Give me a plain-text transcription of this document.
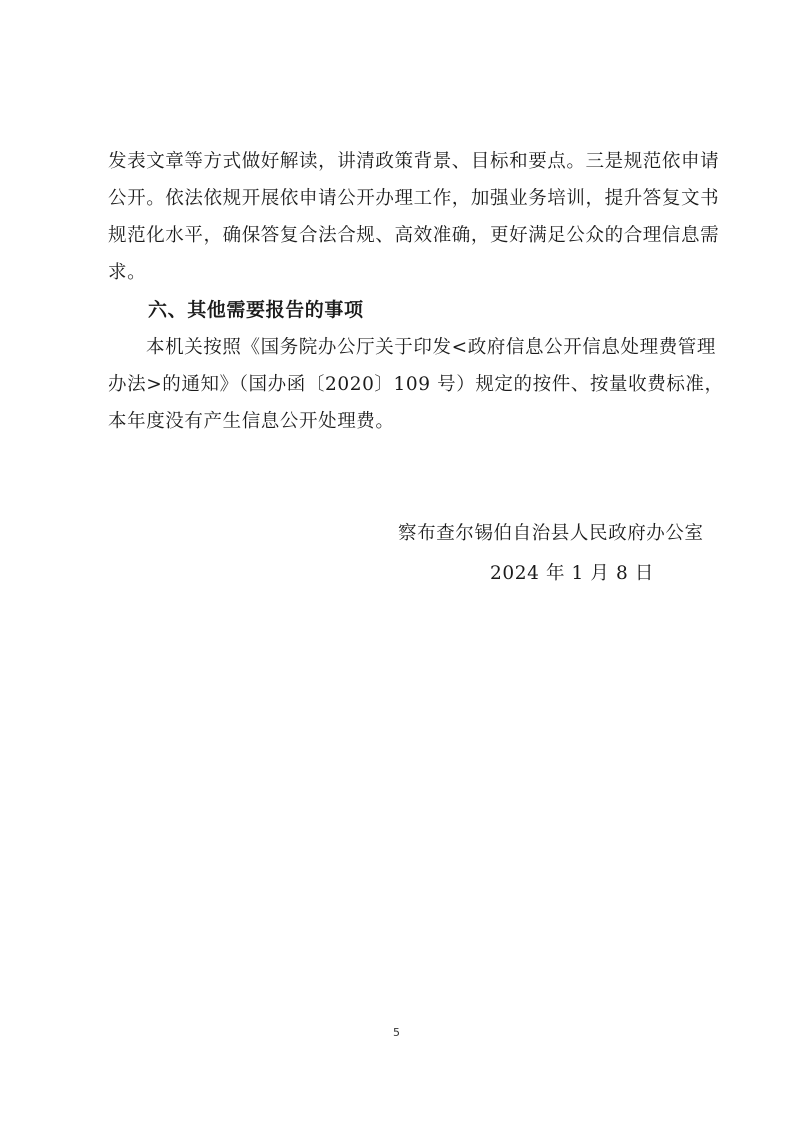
发表文章等方式做好解读，讲清政策背景、目标和要点。三是规范依申请
公开。依法依规开展依申请公开办理工作，加强业务培训，提升答复文书
规范化水平，确保答复合法合规、高效准确，更好满足公众的合理信息需
求。
六、其他需要报告的事项
本机关按照《国务院办公厅关于印发<政府信息公开信息处理费管理
办法>的通知》（国办函〔2020〕109 号）规定的按件、按量收费标准，
本年度没有产生信息公开处理费。
察布查尔锡伯自治县人民政府办公室
2024 年 1 月 8 日
5
